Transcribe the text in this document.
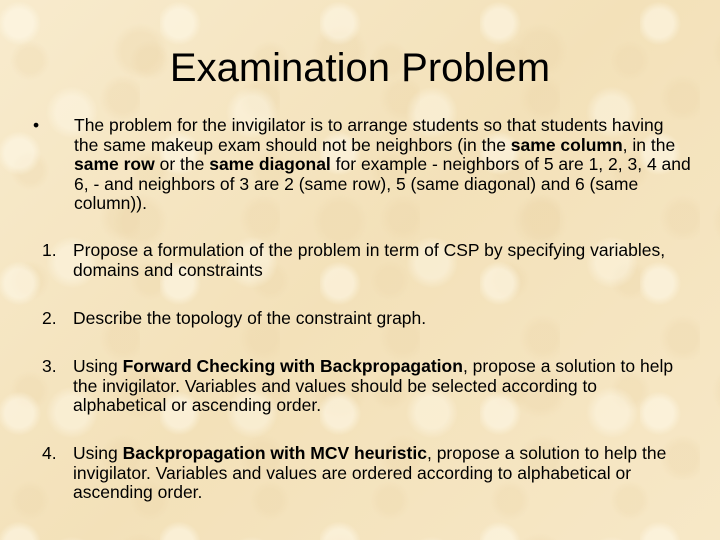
Examination Problem
•	The problem for the invigilator is to arrange students so that students having the same makeup exam should not be neighbors (in the same column, in the same row or the same diagonal for example - neighbors of 5 are 1, 2, 3, 4 and 6, - and neighbors of 3 are 2 (same row), 5 (same diagonal) and 6 (same column)).

1. Propose a formulation of the problem in term of CSP by specifying variables, domains and constraints

2. Describe the topology of the constraint graph.

3. Using Forward Checking with Backpropagation, propose a solution to help the invigilator. Variables and values should be selected according to alphabetical or ascending order.

4. Using Backpropagation with MCV heuristic, propose a solution to help the invigilator. Variables and values are ordered according to alphabetical or ascending order.
